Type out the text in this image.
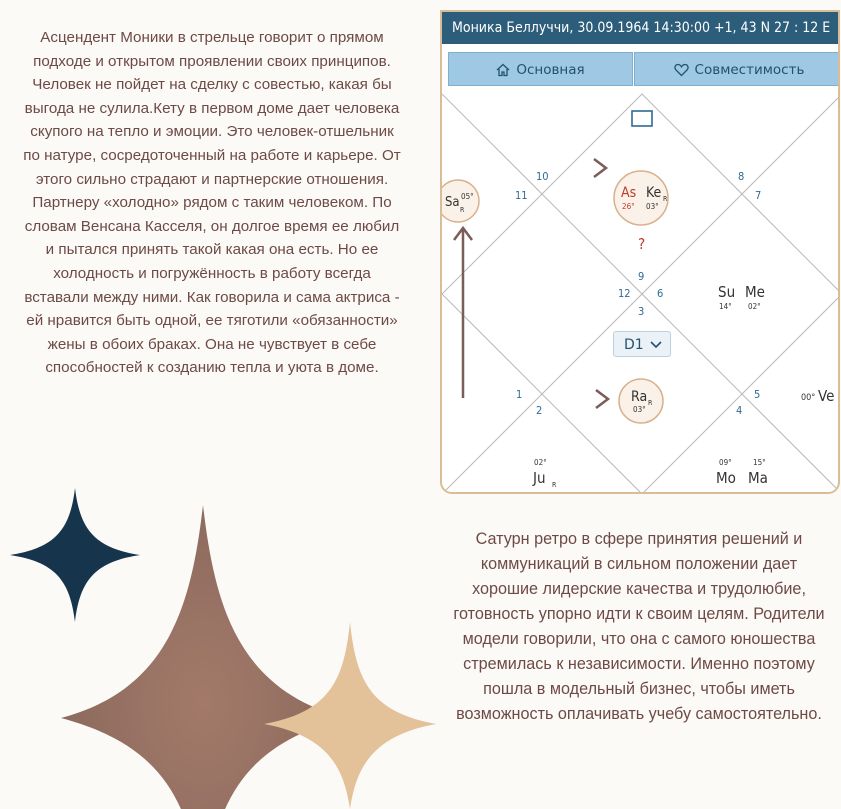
Асцендент Моники в стрельце говорит о прямом подходе и открытом проявлении своих принципов. Человек не пойдет на сделку с совестью, какая бы выгода не сулила.Кету в первом доме дает человека скупого на тепло и эмоции. Это человек-отшельник по натуре, сосредоточенный на работе и карьере. От этого сильно страдают и партнерские отношения. Партнеру «холодно» рядом с таким человеком. По словам Венсана Касселя, он долгое время ее любил и пытался принять такой какая она есть. Но ее холодность и погружённость в работу всегда вставали между ними. Как говорила и сама актриса - ей нравится быть одной, ее тяготили «обязанности» жены в обоих браках. Она не чувствует в себе способностей к созданию тепла и уюта в доме.
Моника Беллуччи, 30.09.1964 14:30:00 +1, 43 N 27 : 12 E
Основная	Совместимость
10
11
8
7
9
12 6
3
1
2
5
4
Sa 05°
R
As
26°
Ke
03°
R
?
Su
14°
Me
02°
Ra
03°
R	00° Ve
02°
Ju R
09°
Mo
15°
Ma
D1
Сатурн ретро в сфере принятия решений и коммуникаций в сильном положении дает хорошие лидерские качества и трудолюбие, готовность упорно идти к своим целям. Родители модели говорили, что она с самого юношества стремилась к независимости. Именно поэтому пошла в модельный бизнес, чтобы иметь возможность оплачивать учебу самостоятельно.
